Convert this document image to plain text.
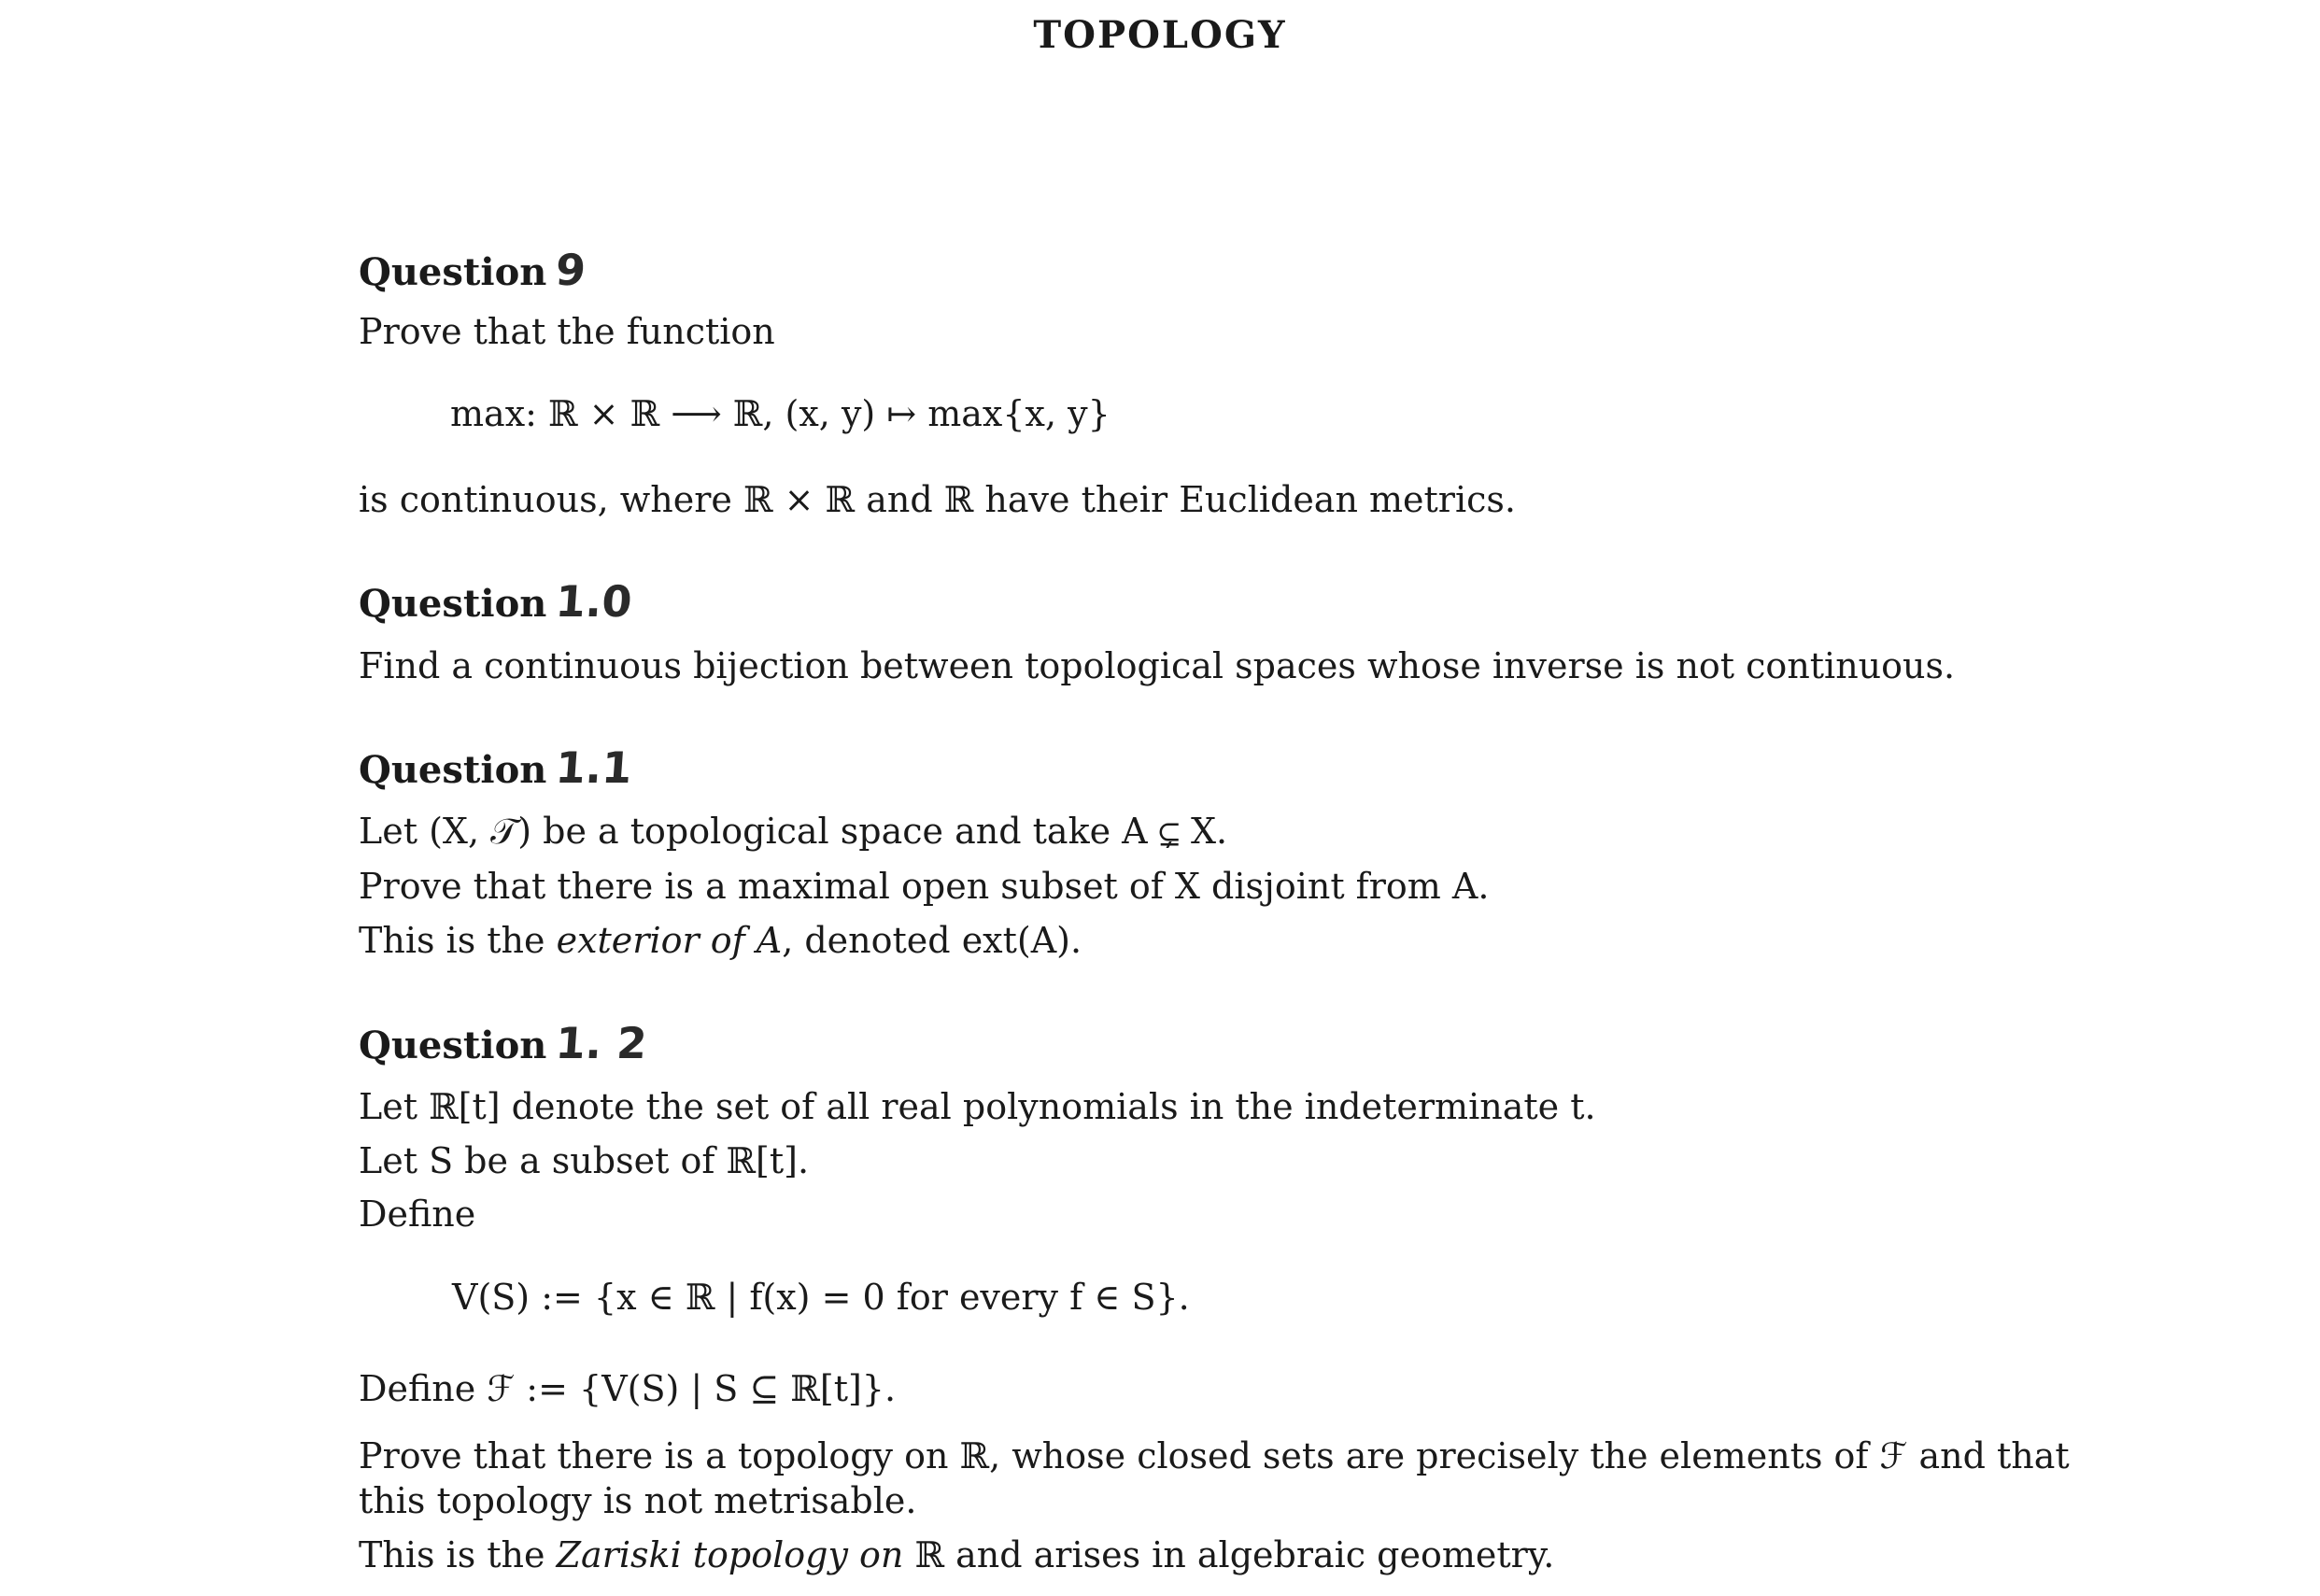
TOPOLOGY
Question 9
Prove that the function
max: ℝ × ℝ ⟶ ℝ, (x, y) ↦ max{x, y}
is continuous, where ℝ × ℝ and ℝ have their Euclidean metrics.
Question 1.0
Find a continuous bijection between topological spaces whose inverse is not continuous.
Question 1.1
Let (X, 𝒯) be a topological space and take A ⊊ X.
Prove that there is a maximal open subset of X disjoint from A.
This is the exterior of A, denoted ext(A).
Question 1. 2
Let ℝ[t] denote the set of all real polynomials in the indeterminate t.
Let S be a subset of ℝ[t].
Define
V(S) := {x ∈ ℝ | f(x) = 0 for every f ∈ S}.
Define ℱ := {V(S) | S ⊆ ℝ[t]}.
Prove that there is a topology on ℝ, whose closed sets are precisely the elements of ℱ and that
this topology is not metrisable.
This is the Zariski topology on ℝ and arises in algebraic geometry.
